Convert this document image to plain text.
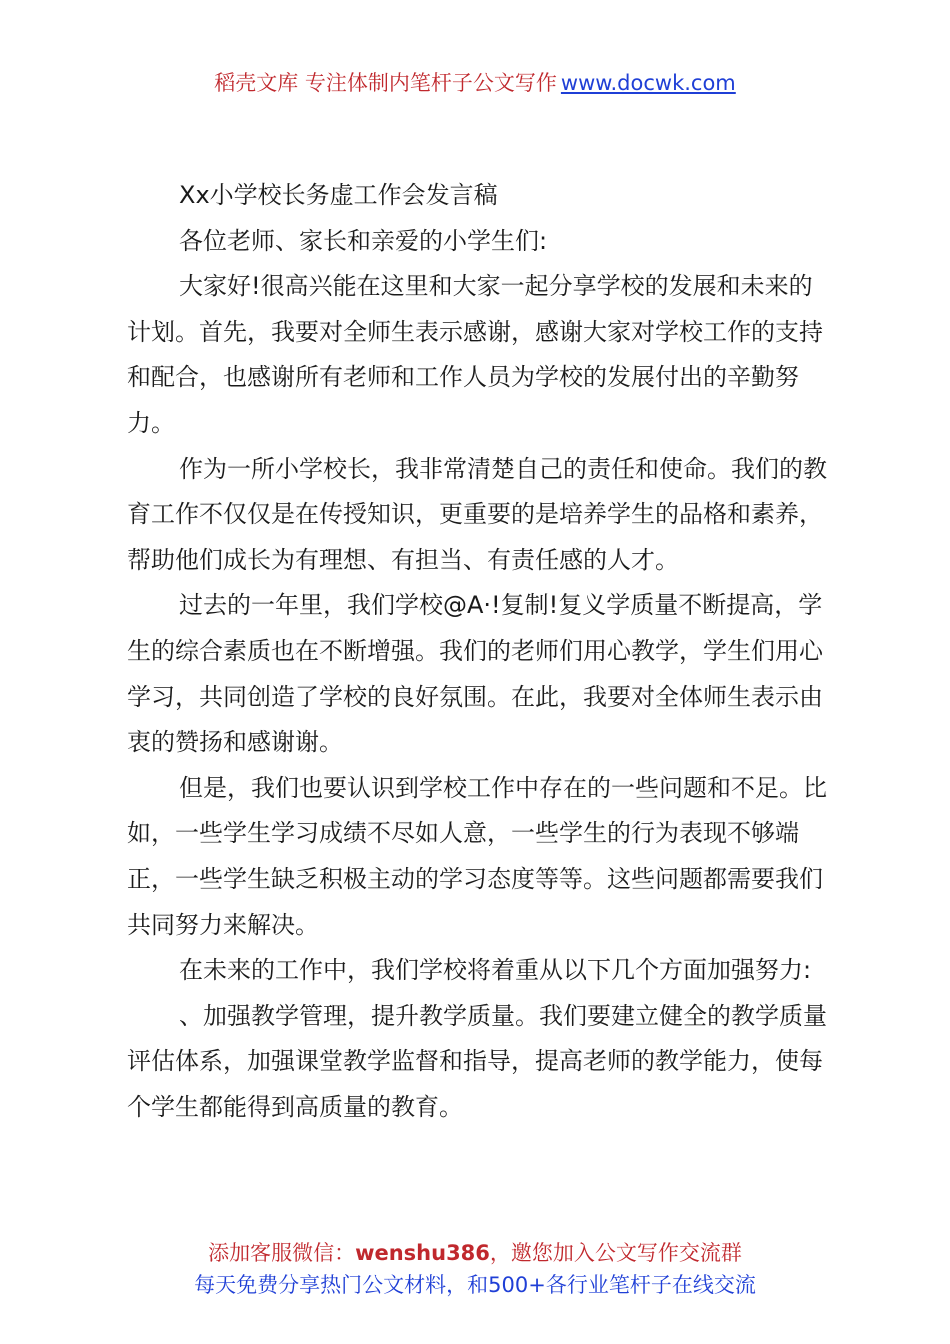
稻壳文库 专注体制内笔杆子公文写作 www.docwk.com

Xx小学校长务虚工作会发言稿

各位老师、家长和亲爱的小学生们:

大家好!很高兴能在这里和大家一起分享学校的发展和未来的计划。首先，我要对全师生表示感谢，感谢大家对学校工作的支持和配合，也感谢所有老师和工作人员为学校的发展付出的辛勤努力。

作为一所小学校长，我非常清楚自己的责任和使命。我们的教育工作不仅仅是在传授知识，更重要的是培养学生的品格和素养，帮助他们成长为有理想、有担当、有责任感的人才。

过去的一年里，我们学校@A·!复制!复义学质量不断提高，学生的综合素质也在不断增强。我们的老师们用心教学，学生们用心学习，共同创造了学校的良好氛围。在此，我要对全体师生表示由衷的赞扬和感谢谢。

但是，我们也要认识到学校工作中存在的一些问题和不足。比如，一些学生学习成绩不尽如人意，一些学生的行为表现不够端正，一些学生缺乏积极主动的学习态度等等。这些问题都需要我们共同努力来解决。

在未来的工作中，我们学校将着重从以下几个方面加强努力:

、加强教学管理，提升教学质量。我们要建立健全的教学质量评估体系，加强课堂教学监督和指导，提高老师的教学能力，使每个学生都能得到高质量的教育。

添加客服微信：wenshu386，邀您加入公文写作交流群
每天免费分享热门公文材料，和500+各行业笔杆子在线交流
